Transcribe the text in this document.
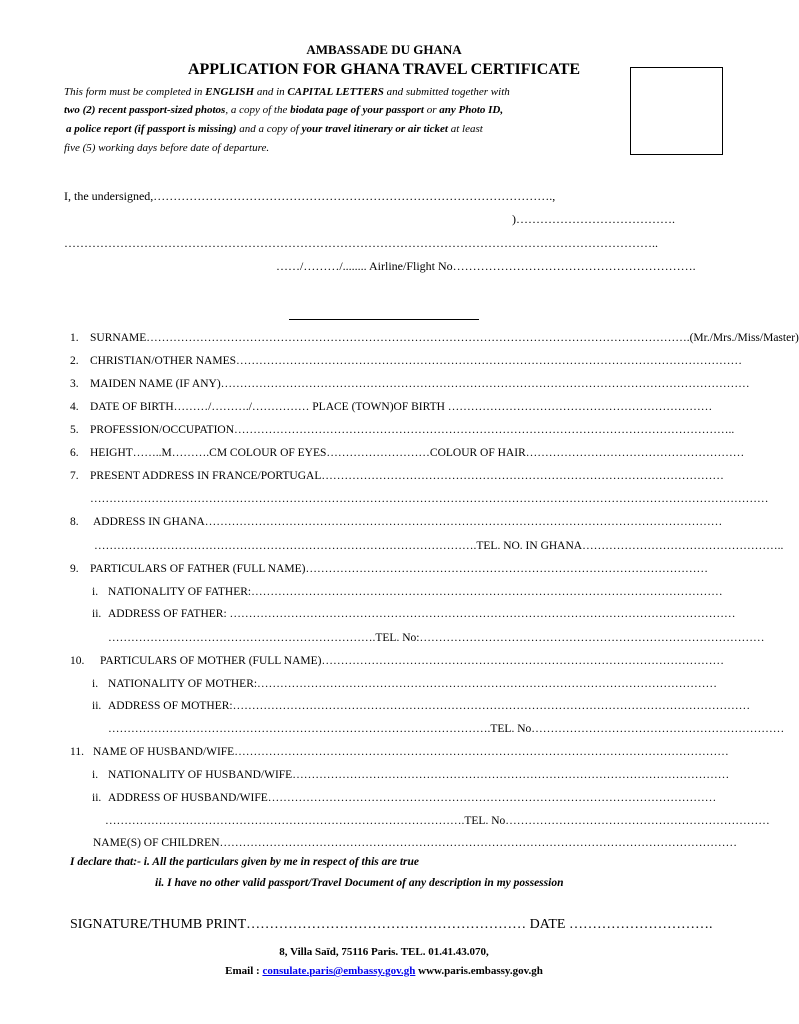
AMBASSADE DU GHANA
APPLICATION FOR GHANA TRAVEL CERTIFICATE
This form must be completed in ENGLISH and in CAPITAL LETTERS and submitted together with
two (2) recent passport-sized photos, a copy of the biodata page of your passport or any Photo ID,
a police report (if passport is missing) and a copy of your travel itinerary or air ticket at least
five (5) working days before date of departure.
I, the undersigned,……………………………………………………………………………………….,
)………………………………….
…………………………………………………………………………………………………………………………………..
……/………/........ Airline/Flight No…………………………………………………….
1. SURNAME…………………………………………………………………………………………………………………………….(Mr./Mrs./Miss/Master)
2. CHRISTIAN/OTHER NAMES……………………………………………………………………………………………………………………
3. MAIDEN NAME (IF ANY)…………………………………………………………………………………………………………………………
4. DATE OF BIRTH………/………./…………… PLACE (TOWN)OF BIRTH ……………………………………………………………
5. PROFESSION/OCCUPATION…………………………………………………………………………………………………………………..
6. HEIGHT……..M……….CM COLOUR OF EYES………………………COLOUR OF HAIR…………………………………………………
7. PRESENT ADDRESS IN FRANCE/PORTUGAL……………………………………………………………………………………………
……………………………………………………………………………………………………………………………………………………………
8. ADDRESS IN GHANA………………………………………………………………………………………………………………………
……………………………………………………………………………………….TEL. NO. IN GHANA……………………………………………..
9. PARTICULARS OF FATHER (FULL NAME)……………………………………………………………………………………………
i. NATIONALITY OF FATHER:……………………………………………………………………………………………………………
ii. ADDRESS OF FATHER: ……………………………………………………………………………………………………………………
…………………………………………………………….TEL. No:………………………………………………………………………………
10. PARTICULARS OF MOTHER (FULL NAME)……………………………………………………………………………………………
i. NATIONALITY OF MOTHER:…………………………………………………………………………………………………………
ii. ADDRESS OF MOTHER:………………………………………………………………………………………………………………………
……………………………………………………………………………………….TEL. No…………………………………………………………
11. NAME OF HUSBAND/WIFE…………………………………………………………………………………………………………………
i. NATIONALITY OF HUSBAND/WIFE……………………………………………………………………………………………………
ii. ADDRESS OF HUSBAND/WIFE………………………………………………………………………………………………………
………………………………………………………………………………….TEL. No……………………………………………………………
NAME(S) OF CHILDREN………………………………………………………………………………………………………………………
I declare that:- i. All the particulars given by me in respect of this are true
ii. I have no other valid passport/Travel Document of any description in my possession
SIGNATURE/THUMB PRINT…………………………………………………… DATE ………………………….
8, Villa Saïd, 75116 Paris. TEL. 01.41.43.070,
Email : consulate.paris@embassy.gov.gh www.paris.embassy.gov.gh
